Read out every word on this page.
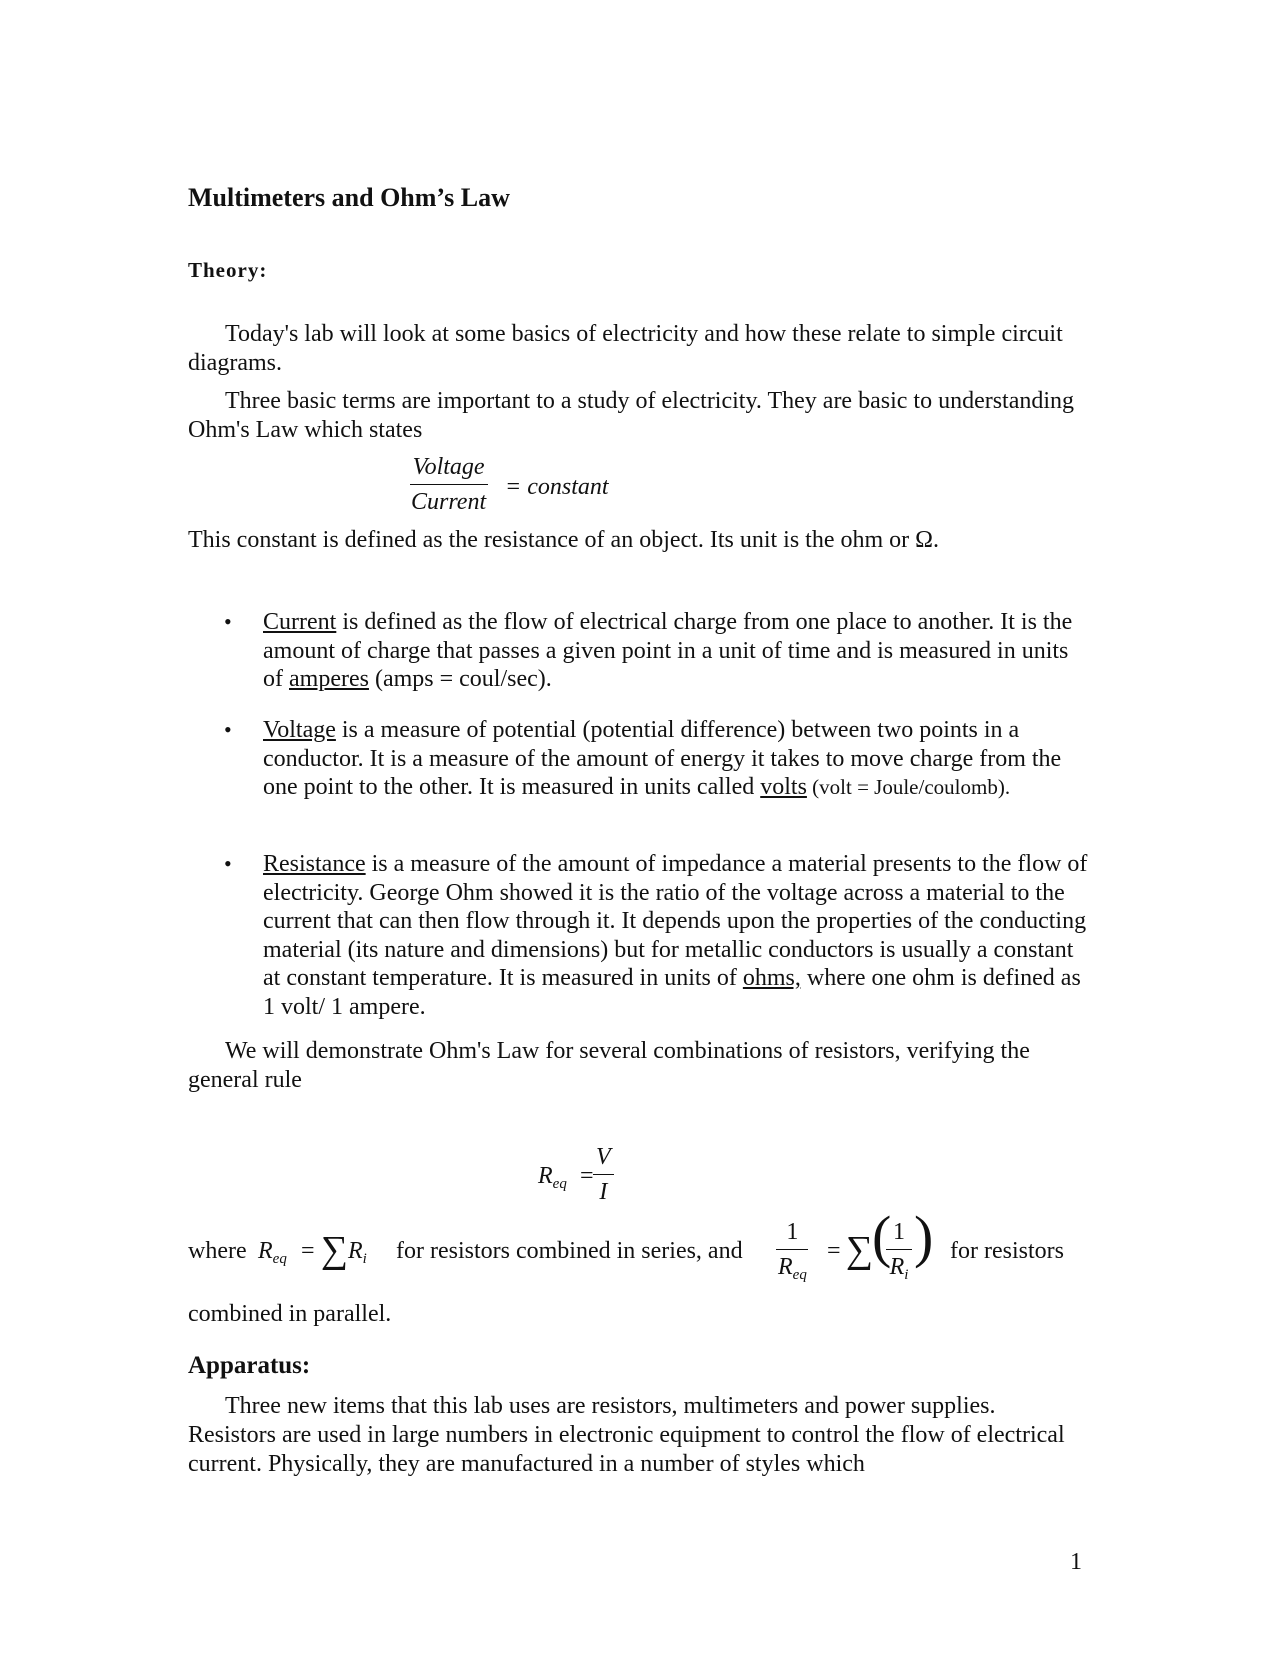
Multimeters and Ohm’s Law
Theory:
Today's lab will look at some basics of electricity and how these relate to simple circuit diagrams.
Three basic terms are important to a study of electricity. They are basic to understanding Ohm's Law which states
Voltage
Current
= constant
This constant is defined as the resistance of an object. Its unit is the ohm or Ω.
• Current is defined as the flow of electrical charge from one place to another. It is the amount of charge that passes a given point in a unit of time and is measured in units of amperes (amps = coul/sec).
• Voltage is a measure of potential (potential difference) between two points in a conductor. It is a measure of the amount of energy it takes to move charge from the one point to the other. It is measured in units called volts (volt = Joule/coulomb).
• Resistance is a measure of the amount of impedance a material presents to the flow of electricity. George Ohm showed it is the ratio of the voltage across a material to the current that can then flow through it. It depends upon the properties of the conducting material (its nature and dimensions) but for metallic conductors is usually a constant at constant temperature. It is measured in units of ohms, where one ohm is defined as 1 volt/ 1 ampere.
We will demonstrate Ohm's Law for several combinations of resistors, verifying the general rule
$R_{eq} = \frac{V}{I}$
where $R_{eq}$ = ∑ $R_i$ for resistors combined in series, and
1
$R_{eq}$
= ∑
(
$\frac{1}{R_i}$ ) for resistors
combined in parallel.
Apparatus:
Three new items that this lab uses are resistors, multimeters and power supplies. Resistors are used in large numbers in electronic equipment to control the flow of electrical current. Physically, they are manufactured in a number of styles which
1
